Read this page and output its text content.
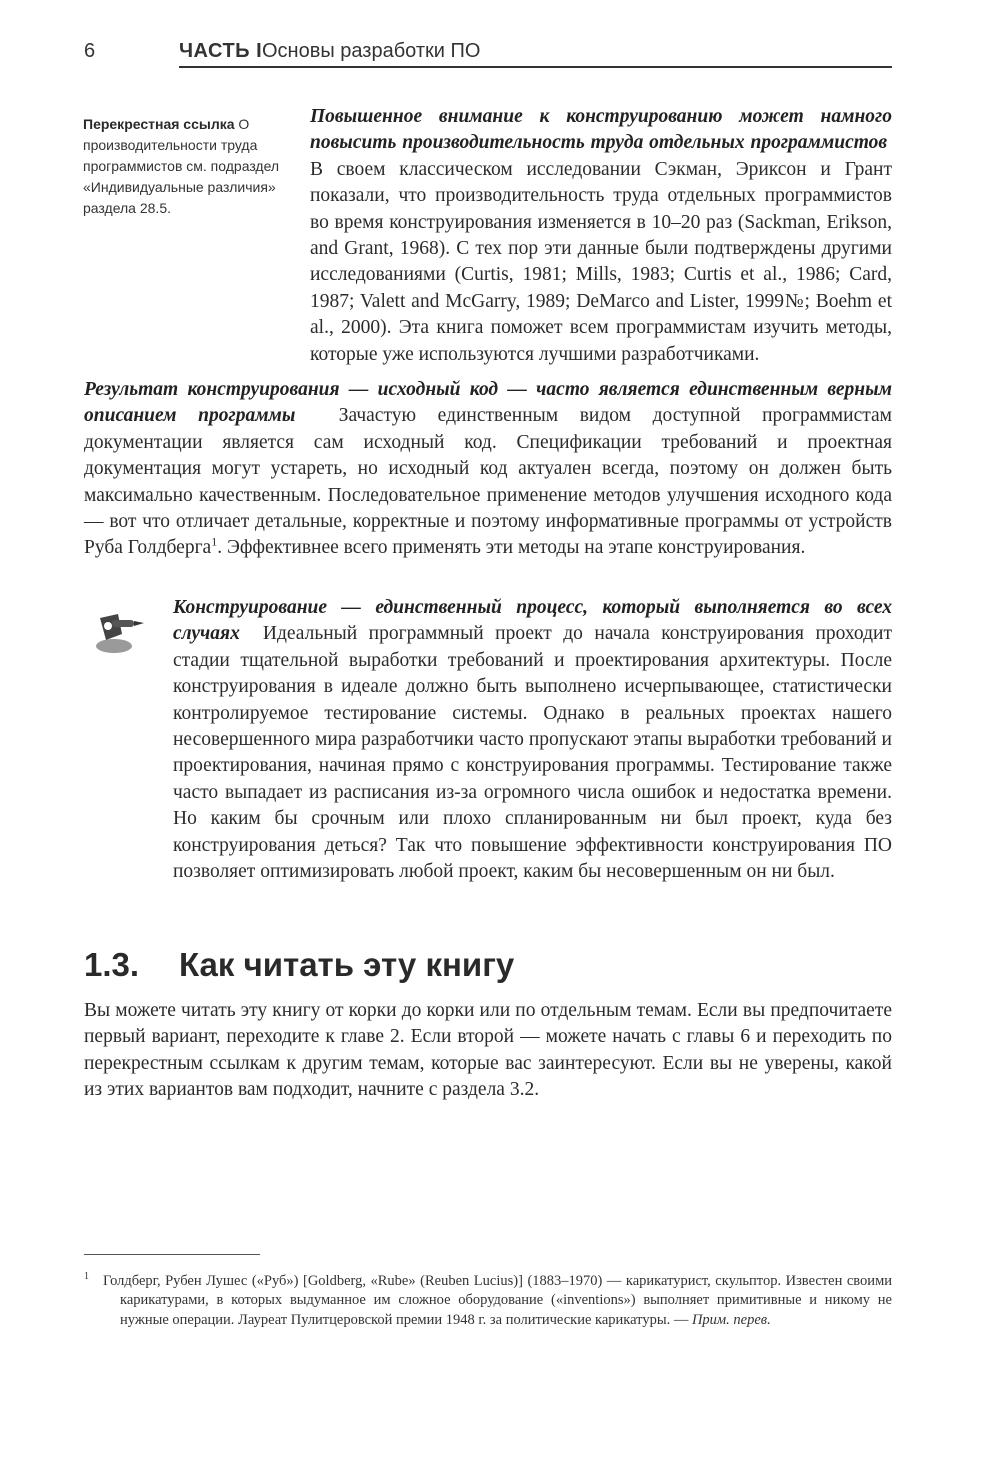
6	ЧАСТЬ I Основы разработки ПО
Перекрестная ссылка О производительности труда программистов см. подраздел «Индивидуальные различия» раздела 28.5.
Повышенное внимание к конструированию может намного повысить производительность труда отдельных программистов  В своем классическом исследовании Сэкман, Эриксон и Грант показали, что производительность труда отдельных программистов во время конструирования изменяется в 10–20 раз (Sackman, Erikson, and Grant, 1968). С тех пор эти данные были подтверждены другими исследованиями (Curtis, 1981; Mills, 1983; Curtis et al., 1986; Card, 1987; Valett and McGarry, 1989; DeMarco and Lister, 1999№; Boehm et al., 2000). Эта книга поможет всем программистам изучить методы, которые уже используются лучшими разработчиками.
Результат конструирования — исходный код — часто является единственным верным описанием программы Зачастую единственным видом доступной программистам документации является сам исходный код. Спецификации требований и проектная документация могут устареть, но исходный код актуален всегда, поэтому он должен быть максимально качественным. Последовательное применение методов улучшения исходного кода — вот что отличает детальные, корректные и поэтому информативные программы от устройств Руба Голдберга$^1$. Эффективнее всего применять эти методы на этапе конструирования.
Конструирование — единственный процесс, который выполняется во всех случаях Идеальный программный проект до начала конструирования проходит стадии тщательной выработки требований и проектирования архитектуры. После конструирования в идеале должно быть выполнено исчерпывающее, статистически контролируемое тестирование системы. Однако в реальных проектах нашего несовершенного мира разработчики часто пропускают этапы выработки требований и проектирования, начиная прямо с конструирования программы. Тестирование также часто выпадает из расписания из-за огромного числа ошибок и недостатка времени. Но каким бы срочным или плохо спланированным ни был проект, куда без конструирования деться? Так что повышение эффективности конструирования ПО позволяет оптимизировать любой проект, каким бы несовершенным он ни был.
1.3. Как читать эту книгу
Вы можете читать эту книгу от корки до корки или по отдельным темам. Если вы предпочитаете первый вариант, переходите к главе 2. Если второй — можете начать с главы 6 и переходить по перекрестным ссылкам к другим темам, которые вас заинтересуют. Если вы не уверены, какой из этих вариантов вам подходит, начните с раздела 3.2.
$^1$ Голдберг, Рубен Лушес («Руб») [Goldberg, «Rube» (Reuben Lucius)] (1883–1970) — карикатурист, скульптор. Известен своими карикатурами, в которых выдуманное им сложное оборудование («inventions») выполняет примитивные и никому не нужные операции. Лауреат Пулитцеровской премии 1948 г. за политические карикатуры. — Прим. перев.
